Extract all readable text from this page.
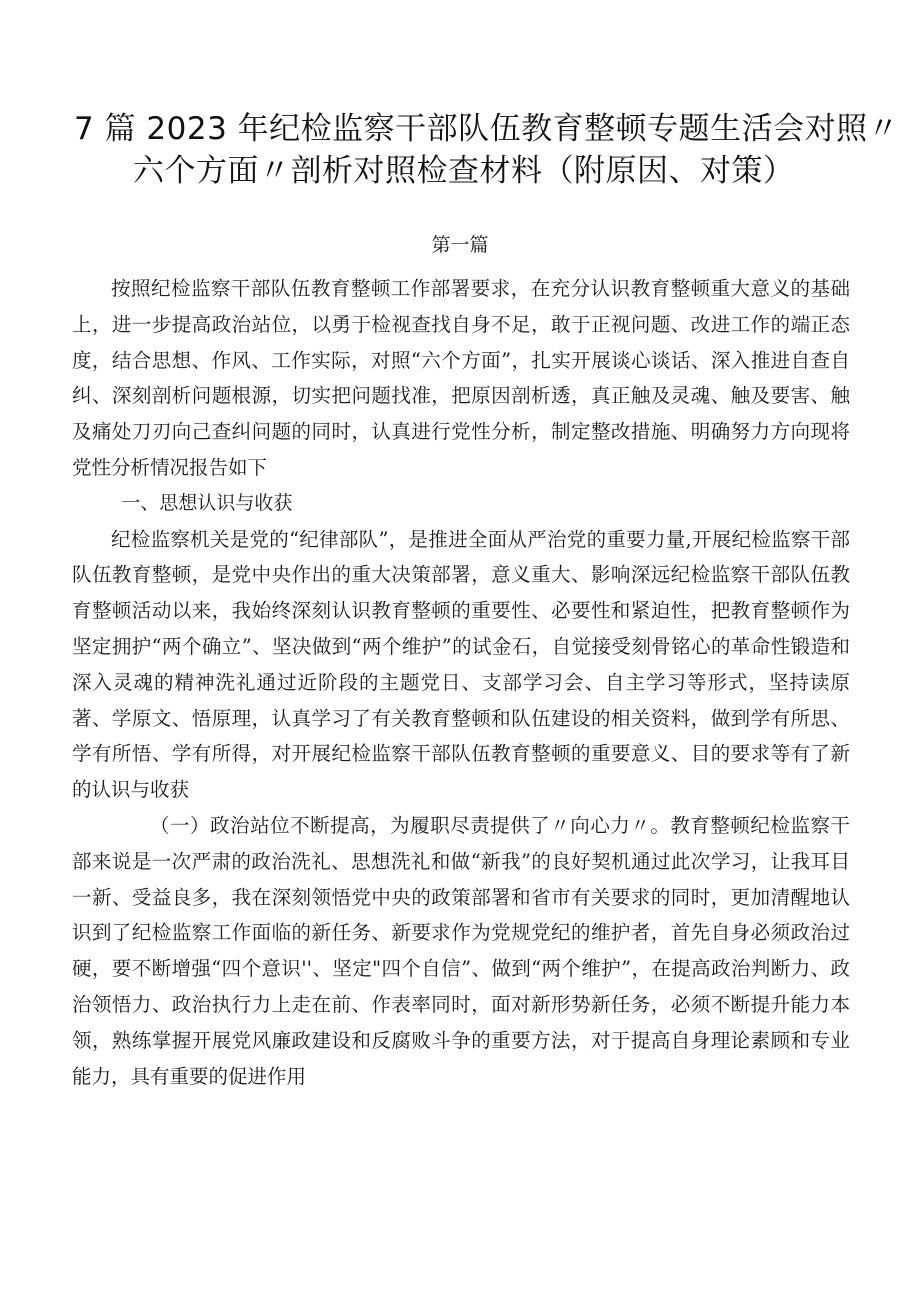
7 篇 2023 年纪检监察干部队伍教育整顿专题生活会对照〃
六个方面〃剖析对照检查材料（附原因、对策）
第一篇

按照纪检监察干部队伍教育整顿工作部署要求，在充分认识教育整顿重大意义的基础上，进一步提高政治站位，以勇于检视查找自身不足，敢于正视问题、改进工作的端正态度，结合思想、作风、工作实际，对照“六个方面”，扎实开展谈心谈话、深入推进自查自纠、深刻剖析问题根源，切实把问题找准，把原因剖析透，真正触及灵魂、触及要害、触及痛处刀刃向己查纠问题的同时，认真进行党性分析，制定整改措施、明确努力方向现将党性分析情况报告如下

一、思想认识与收获

纪检监察机关是党的“纪律部队”，是推进全面从严治党的重要力量,开展纪检监察干部队伍教育整顿，是党中央作出的重大决策部署，意义重大、影响深远纪检监察干部队伍教育整顿活动以来，我始终深刻认识教育整顿的重要性、必要性和紧迫性，把教育整顿作为坚定拥护“两个确立”、坚决做到“两个维护”的试金石，自觉接受刻骨铭心的革命性锻造和深入灵魂的精神洗礼通过近阶段的主题党日、支部学习会、自主学习等形式，坚持读原著、学原文、悟原理，认真学习了有关教育整顿和队伍建设的相关资料，做到学有所思、学有所悟、学有所得，对开展纪检监察干部队伍教育整顿的重要意义、目的要求等有了新的认识与收获

（一）政治站位不断提高，为履职尽责提供了〃向心力〃。教育整顿纪检监察干部来说是一次严肃的政治洗礼、思想洗礼和做“新我”的良好契机通过此次学习，让我耳目一新、受益良多，我在深刻领悟党中央的政策部署和省市有关要求的同时，更加清醒地认识到了纪检监察工作面临的新任务、新要求作为党规党纪的维护者，首先自身必须政治过硬，要不断增强“四个意识''、坚定"四个自信”、做到“两个维护”，在提高政治判断力、政治领悟力、政治执行力上走在前、作表率同时，面对新形势新任务，必须不断提升能力本领，熟练掌握开展党风廉政建设和反腐败斗争的重要方法，对于提高自身理论素顾和专业能力，具有重要的促进作用
